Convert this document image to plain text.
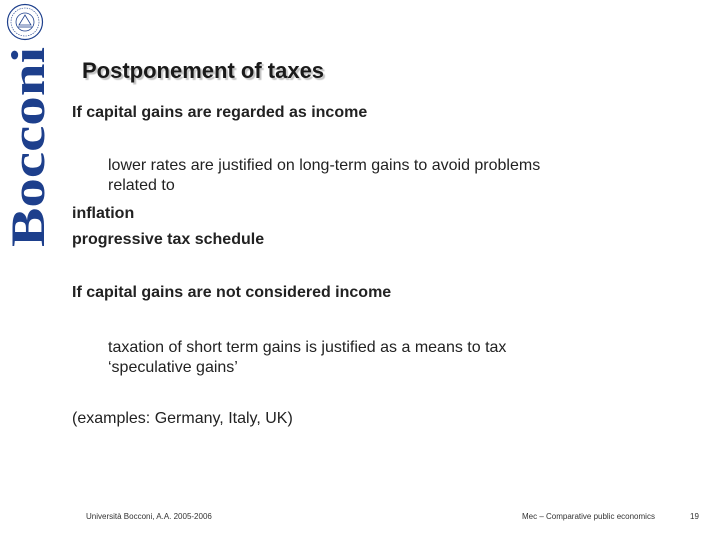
Bocconi
Postponement of taxes
If capital gains are regarded as income
lower rates are justified on long-term gains to avoid problems
related to
inflation
progressive tax schedule
If capital gains are not considered income
taxation of short term gains is justified as a means to tax
‘speculative gains’
(examples: Germany, Italy, UK)
Università Bocconi, A.A. 2005-2006	Mec – Comparative public economics	19
